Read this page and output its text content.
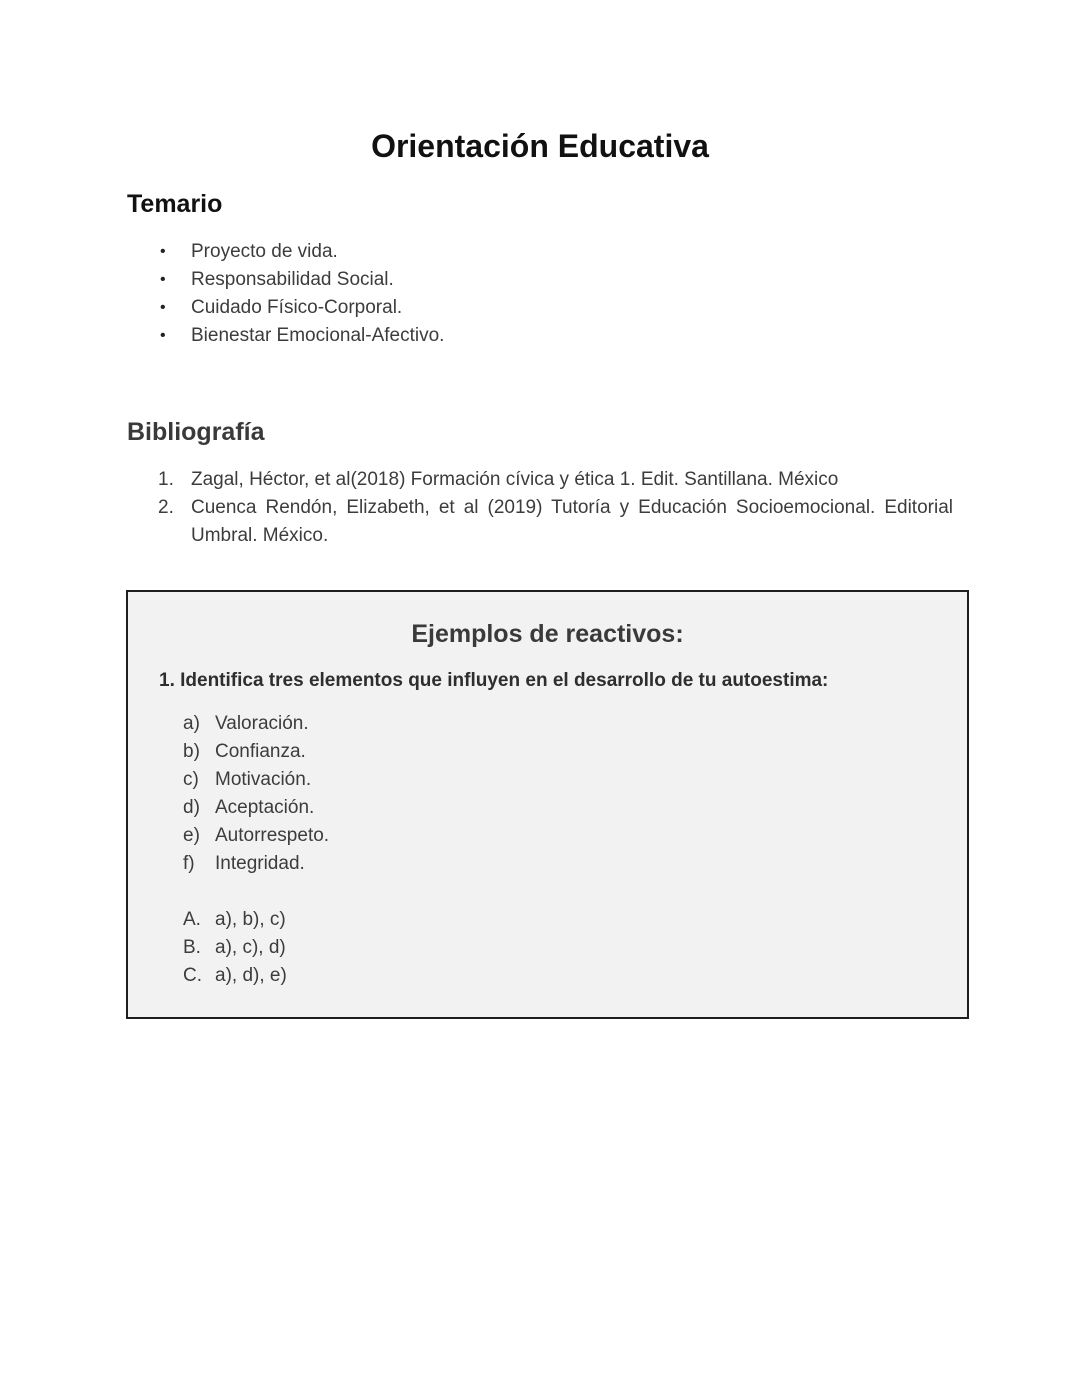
Orientación Educativa
Temario
• Proyecto de vida.
• Responsabilidad Social.
• Cuidado Físico-Corporal.
• Bienestar Emocional-Afectivo.
Bibliografía
1. Zagal, Héctor, et al(2018) Formación cívica y ética 1. Edit. Santillana. México
2. Cuenca Rendón, Elizabeth, et al (2019) Tutoría y Educación Socioemocional. Editorial Umbral. México.
Ejemplos de reactivos:

1. Identifica tres elementos que influyen en el desarrollo de tu autoestima:

a) Valoración.
b) Confianza.
c) Motivación.
d) Aceptación.
e) Autorrespeto.
f) Integridad.
A. a), b), c)
B. a), c), d)
C. a), d), e)
